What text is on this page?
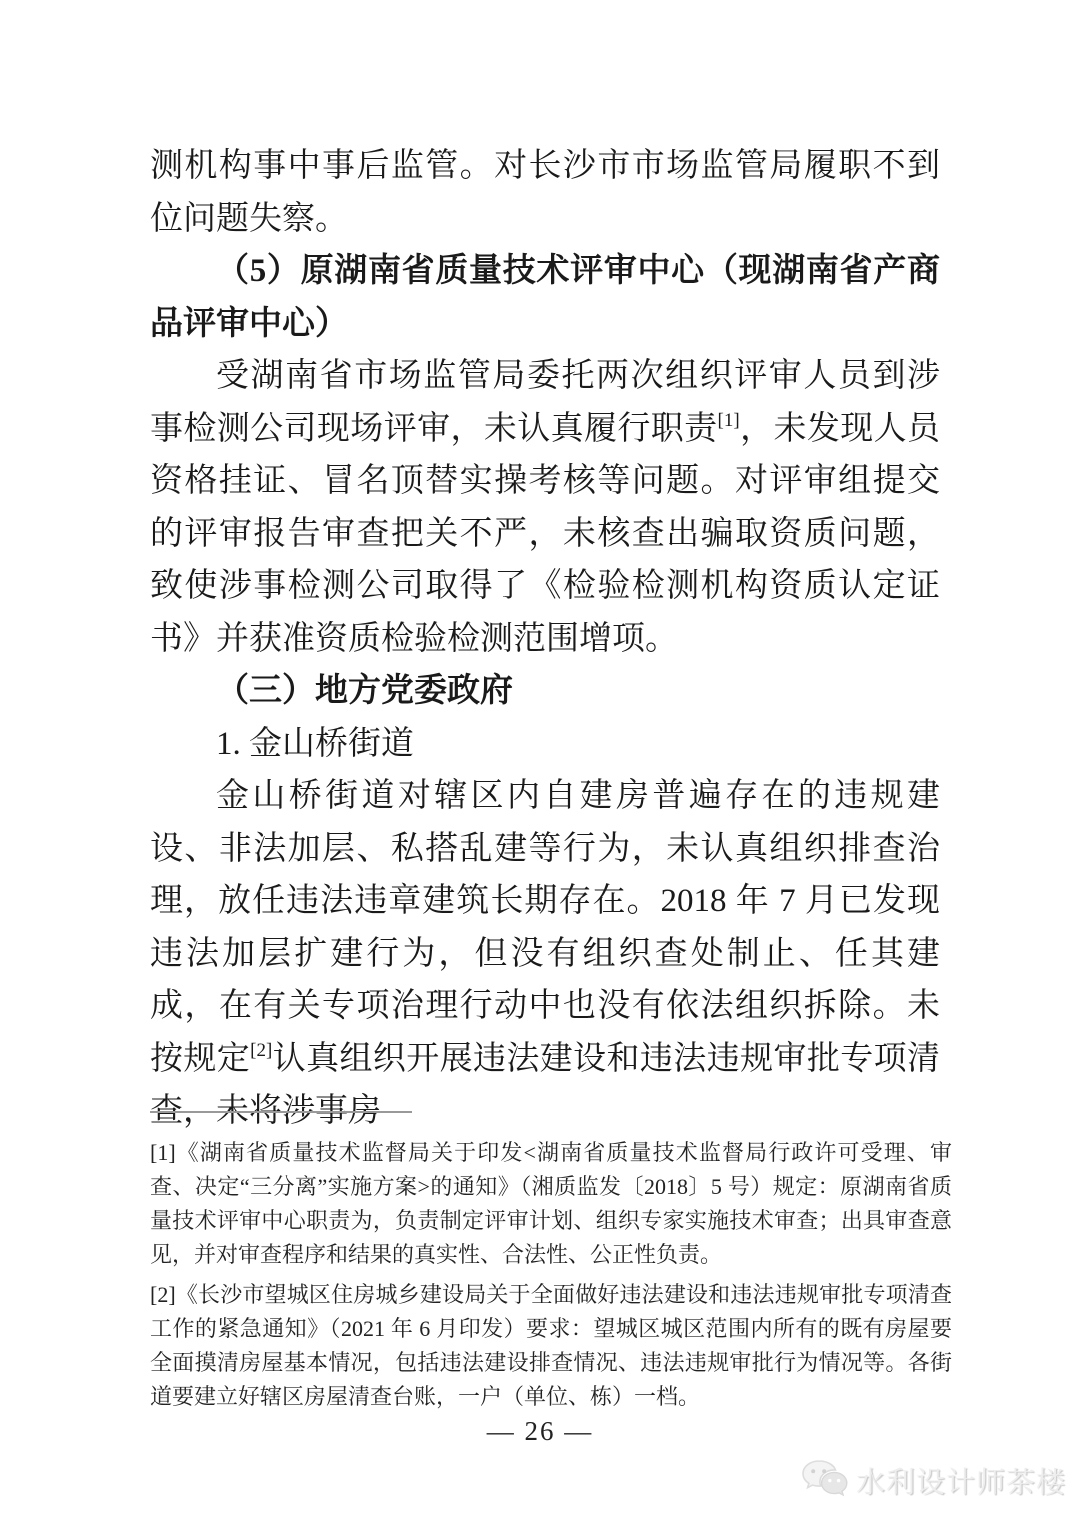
测机构事中事后监管。对长沙市市场监管局履职不到位问题失察。

（5）原湖南省质量技术评审中心（现湖南省产商品评审中心）

受湖南省市场监管局委托两次组织评审人员到涉事检测公司现场评审，未认真履行职责[1]，未发现人员资格挂证、冒名顶替实操考核等问题。对评审组提交的评审报告审查把关不严，未核查出骗取资质问题，致使涉事检测公司取得了《检验检测机构资质认定证书》并获准资质检验检测范围增项。

（三）地方党委政府

1. 金山桥街道

金山桥街道对辖区内自建房普遍存在的违规建设、非法加层、私搭乱建等行为，未认真组织排查治理，放任违法违章建筑长期存在。2018 年 7 月已发现违法加层扩建行为，但没有组织查处制止、任其建成，在有关专项治理行动中也没有依法组织拆除。未按规定[2]认真组织开展违法建设和违法违规审批专项清查，未将涉事房

[1]《湖南省质量技术监督局关于印发<湖南省质量技术监督局行政许可受理、审查、决定“三分离”实施方案>的通知》（湘质监发〔2018〕5 号）规定：原湖南省质量技术评审中心职责为，负责制定评审计划、组织专家实施技术审查；出具审查意见，并对审查程序和结果的真实性、合法性、公正性负责。

[2]《长沙市望城区住房城乡建设局关于全面做好违法建设和违法违规审批专项清查工作的紧急通知》（2021 年 6 月印发）要求：望城区城区范围内所有的既有房屋要全面摸清房屋基本情况，包括违法建设排查情况、违法违规审批行为情况等。各街道要建立好辖区房屋清查台账，一户（单位、栋）一档。

— 26 —
水利设计师茶楼
